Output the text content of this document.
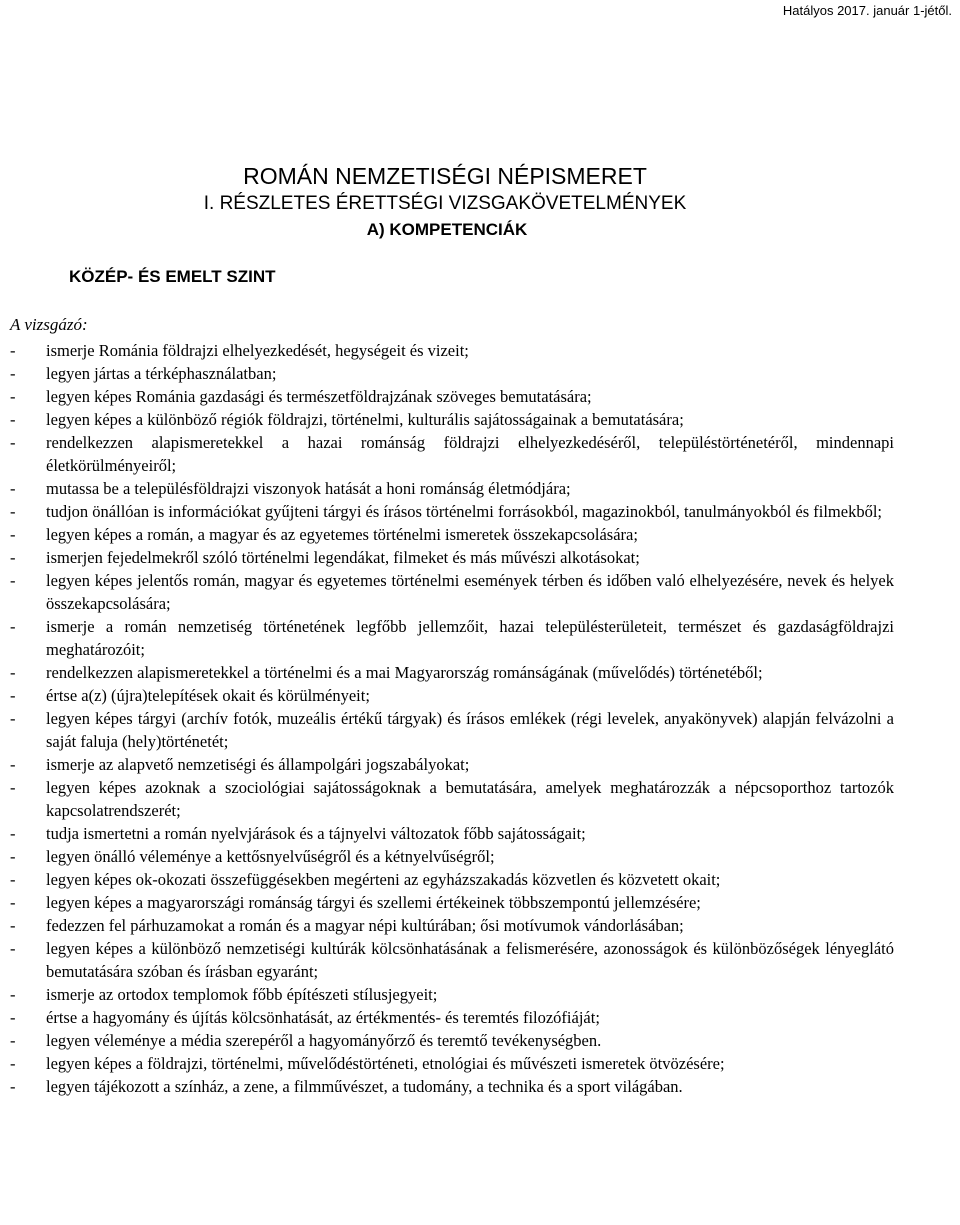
Hatályos 2017. január 1-jétől.
ROMÁN NEMZETISÉGI NÉPISMERET
I. RÉSZLETES ÉRETTSÉGI VIZSGAKÖVETELMÉNYEK
A) KOMPETENCIÁK
KÖZÉP- ÉS EMELT SZINT
A vizsgázó:
- ismerje Románia földrajzi elhelyezkedését, hegységeit és vizeit;
- legyen jártas a térképhasználatban;
- legyen képes Románia gazdasági és természetföldrajzának szöveges bemutatására;
- legyen képes a különböző régiók földrajzi, történelmi, kulturális sajátosságainak a bemutatására;
- rendelkezzen alapismeretekkel a hazai románság földrajzi elhelyezkedéséről, településtörténetéről, mindennapi életkörülményeiről;
- mutassa be a településföldrajzi viszonyok hatását a honi románság életmódjára;
- tudjon önállóan is információkat gyűjteni tárgyi és írásos történelmi forrásokból, magazinokból, tanulmányokból és filmekből;
- legyen képes a román, a magyar és az egyetemes történelmi ismeretek összekapcsolására;
- ismerjen fejedelmekről szóló történelmi legendákat, filmeket és más művészi alkotásokat;
- legyen képes jelentős román, magyar és egyetemes történelmi események térben és időben való elhelyezésére, nevek és helyek összekapcsolására;
- ismerje a román nemzetiség történetének legfőbb jellemzőit, hazai településterületeit, természet és gazdaságföldrajzi meghatározóit;
- rendelkezzen alapismeretekkel a történelmi és a mai Magyarország románságának (művelődés) történetéből;
- értse a(z) (újra)telepítések okait és körülményeit;
- legyen képes tárgyi (archív fotók, muzeális értékű tárgyak) és írásos emlékek (régi levelek, anyakönyvek) alapján felvázolni a saját faluja (hely)történetét;
- ismerje az alapvető nemzetiségi és állampolgári jogszabályokat;
- legyen képes azoknak a szociológiai sajátosságoknak a bemutatására, amelyek meghatározzák a népcsoporthoz tartozók kapcsolatrendszerét;
- tudja ismertetni a román nyelvjárások és a tájnyelvi változatok főbb sajátosságait;
- legyen önálló véleménye a kettősnyelvűségről és a kétnyelvűségről;
- legyen képes ok-okozati összefüggésekben megérteni az egyházszakadás közvetlen és közvetett okait;
- legyen képes a magyarországi románság tárgyi és szellemi értékeinek többszempontú jellemzésére;
- fedezzen fel párhuzamokat a román és a magyar népi kultúrában; ősi motívumok vándorlásában;
- legyen képes a különböző nemzetiségi kultúrák kölcsönhatásának a felismerésére, azonosságok és különbözőségek lényeglátó bemutatására szóban és írásban egyaránt;
- ismerje az ortodox templomok főbb építészeti stílusjegyeit;
- értse a hagyomány és újítás kölcsönhatását, az értékmentés- és teremtés filozófiáját;
- legyen véleménye a média szerepéről a hagyományőrző és teremtő tevékenységben.
- legyen képes a földrajzi, történelmi, művelődéstörténeti, etnológiai és művészeti ismeretek ötvözésére;
- legyen tájékozott a színház, a zene, a filmművészet, a tudomány, a technika és a sport világában.
